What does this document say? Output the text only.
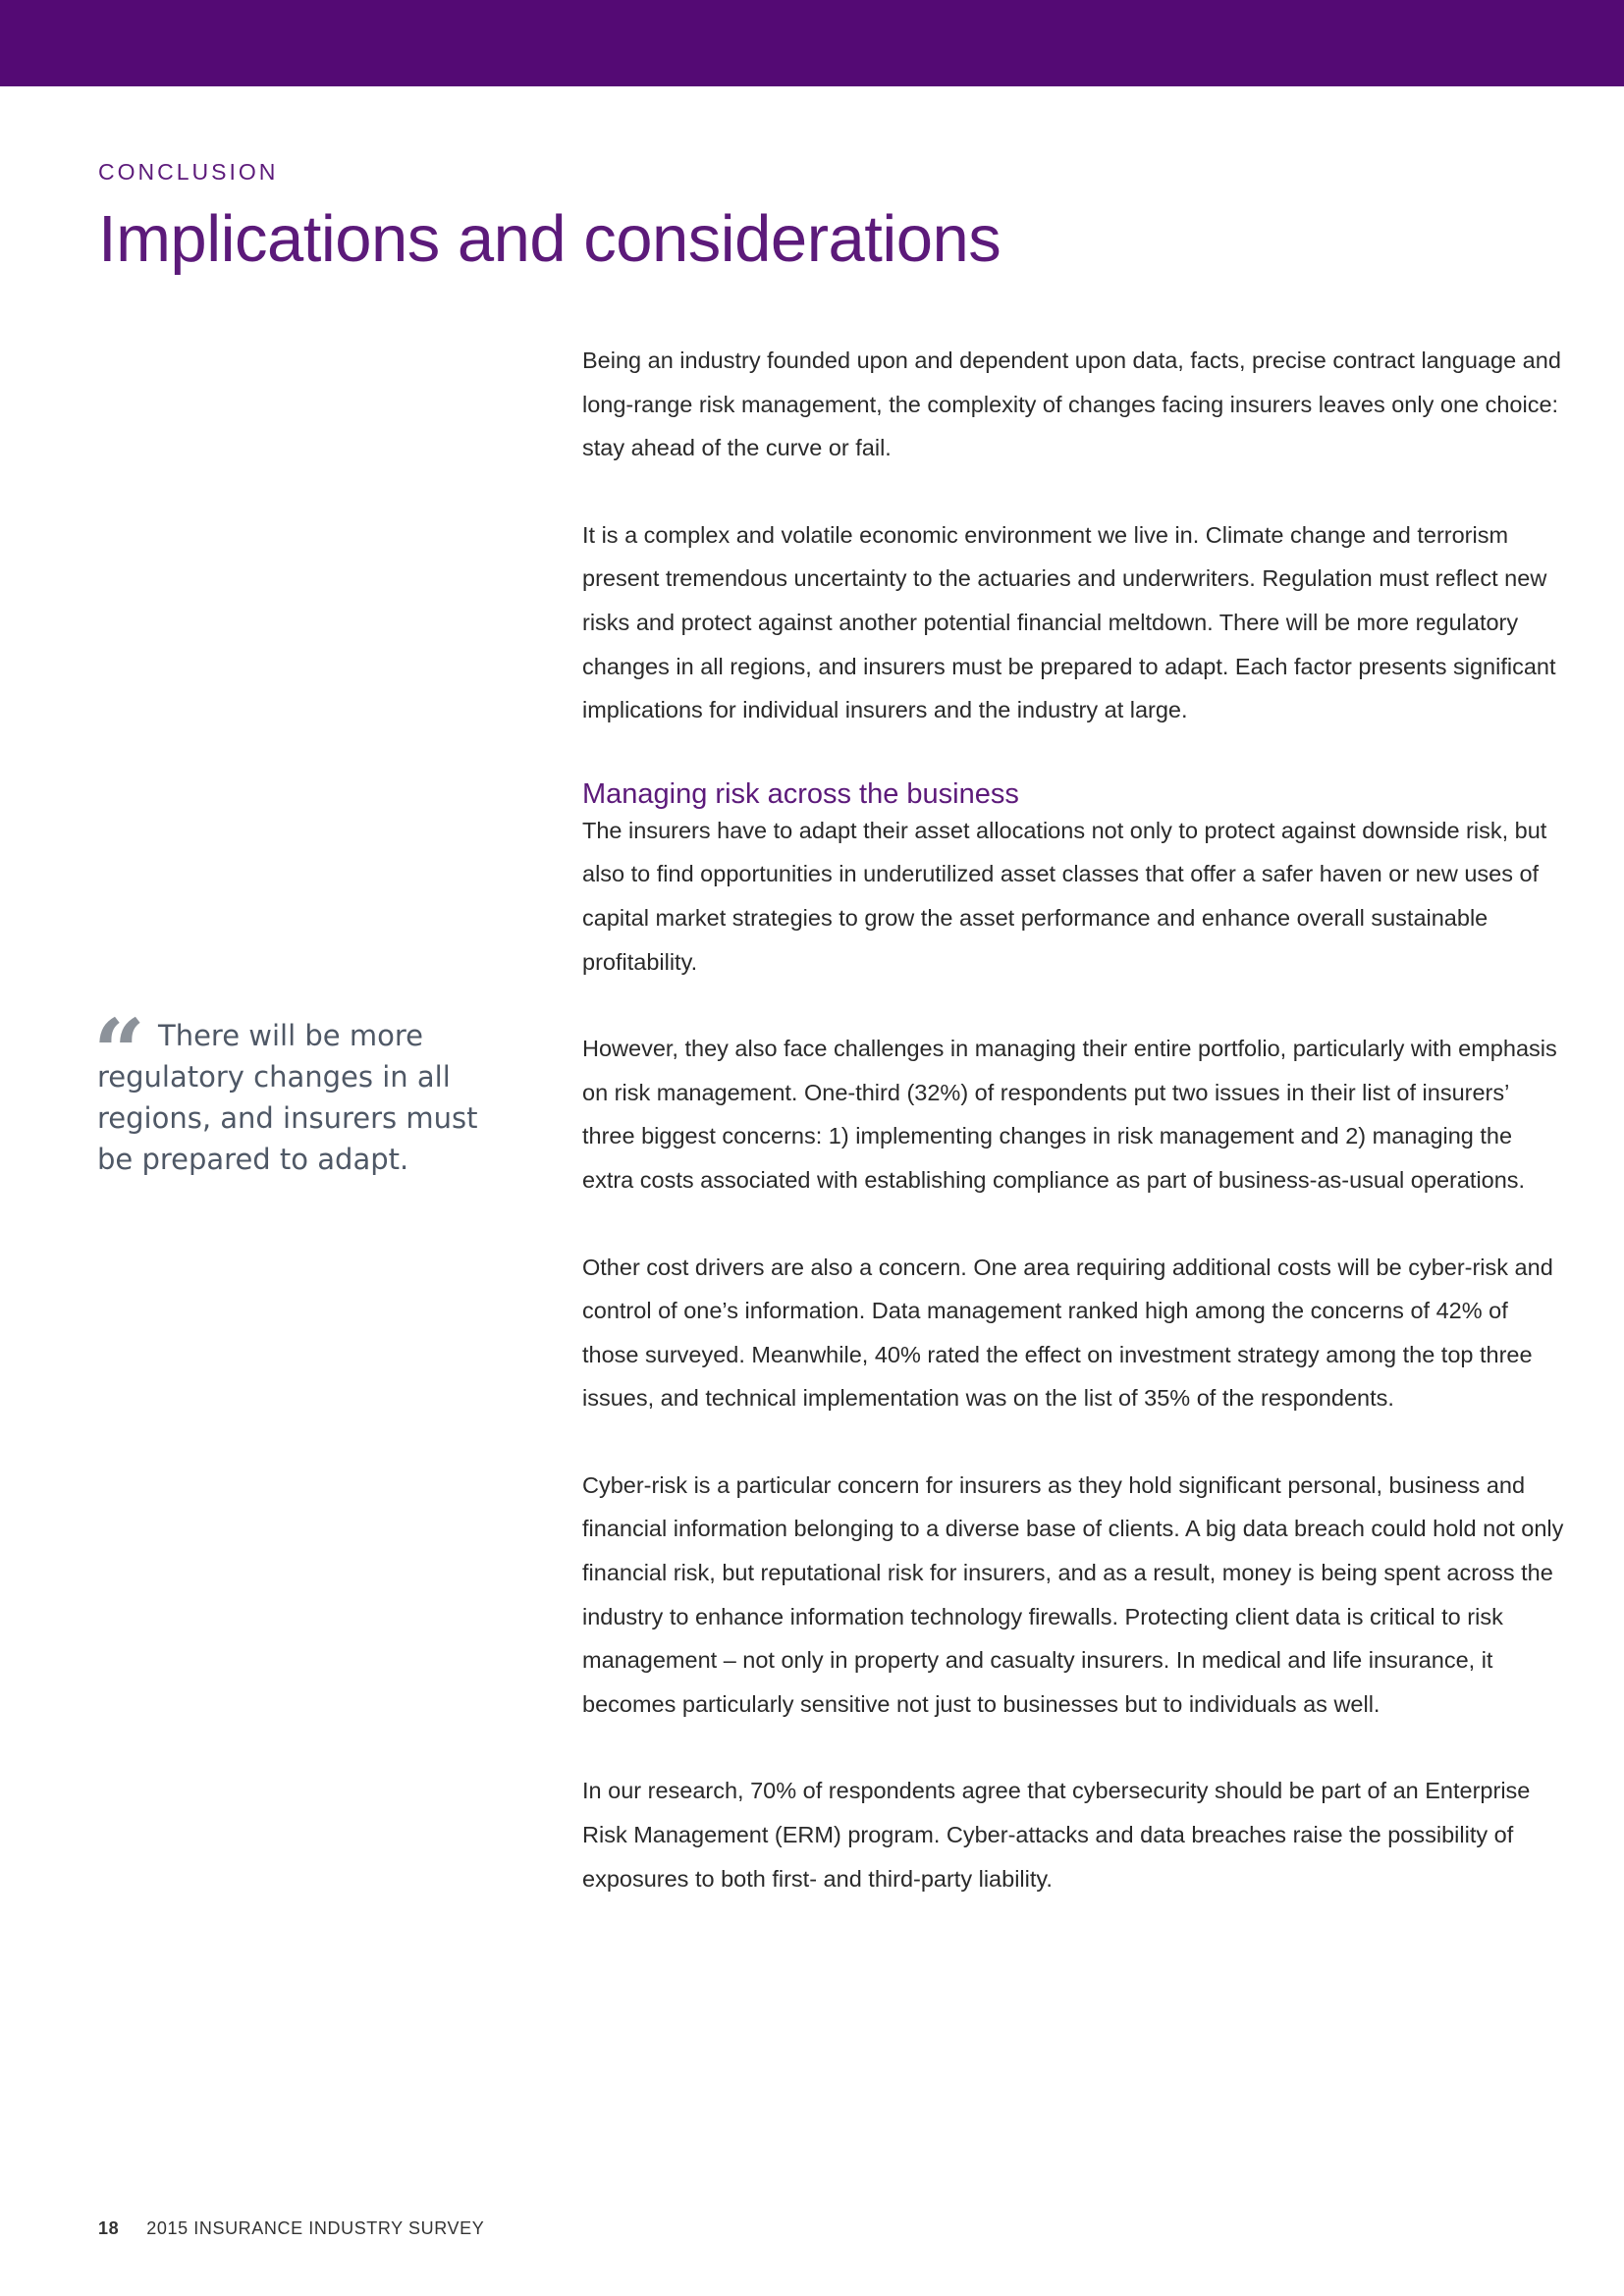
CONCLUSION
Implications and considerations
“ There will be more regulatory changes in all regions, and insurers must be prepared to adapt.

Being an industry founded upon and dependent upon data, facts, precise contract language and long-range risk management, the complexity of changes facing insurers leaves only one choice: stay ahead of the curve or fail.

It is a complex and volatile economic environment we live in. Climate change and terrorism present tremendous uncertainty to the actuaries and underwriters. Regulation must reflect new risks and protect against another potential financial meltdown. There will be more regulatory changes in all regions, and insurers must be prepared to adapt. Each factor presents significant implications for individual insurers and the industry at large.

Managing risk across the business

The insurers have to adapt their asset allocations not only to protect against downside risk, but also to find opportunities in underutilized asset classes that offer a safer haven or new uses of capital market strategies to grow the asset performance and enhance overall sustainable profitability.

However, they also face challenges in managing their entire portfolio, particularly with emphasis on risk management. One-third (32%) of respondents put two issues in their list of insurers’ three biggest concerns: 1) implementing changes in risk management and 2) managing the extra costs associated with establishing compliance as part of business-as-usual operations.

Other cost drivers are also a concern. One area requiring additional costs will be cyber-risk and control of one’s information. Data management ranked high among the concerns of 42% of those surveyed. Meanwhile, 40% rated the effect on investment strategy among the top three issues, and technical implementation was on the list of 35% of the respondents.

Cyber-risk is a particular concern for insurers as they hold significant personal, business and financial information belonging to a diverse base of clients. A big data breach could hold not only financial risk, but reputational risk for insurers, and as a result, money is being spent across the industry to enhance information technology firewalls. Protecting client data is critical to risk management – not only in property and casualty insurers. In medical and life insurance, it becomes particularly sensitive not just to businesses but to individuals as well.

In our research, 70% of respondents agree that cybersecurity should be part of an Enterprise Risk Management (ERM) program. Cyber-attacks and data breaches raise the possibility of exposures to both first- and third-party liability.

18 2015 INSURANCE INDUSTRY SURVEY
